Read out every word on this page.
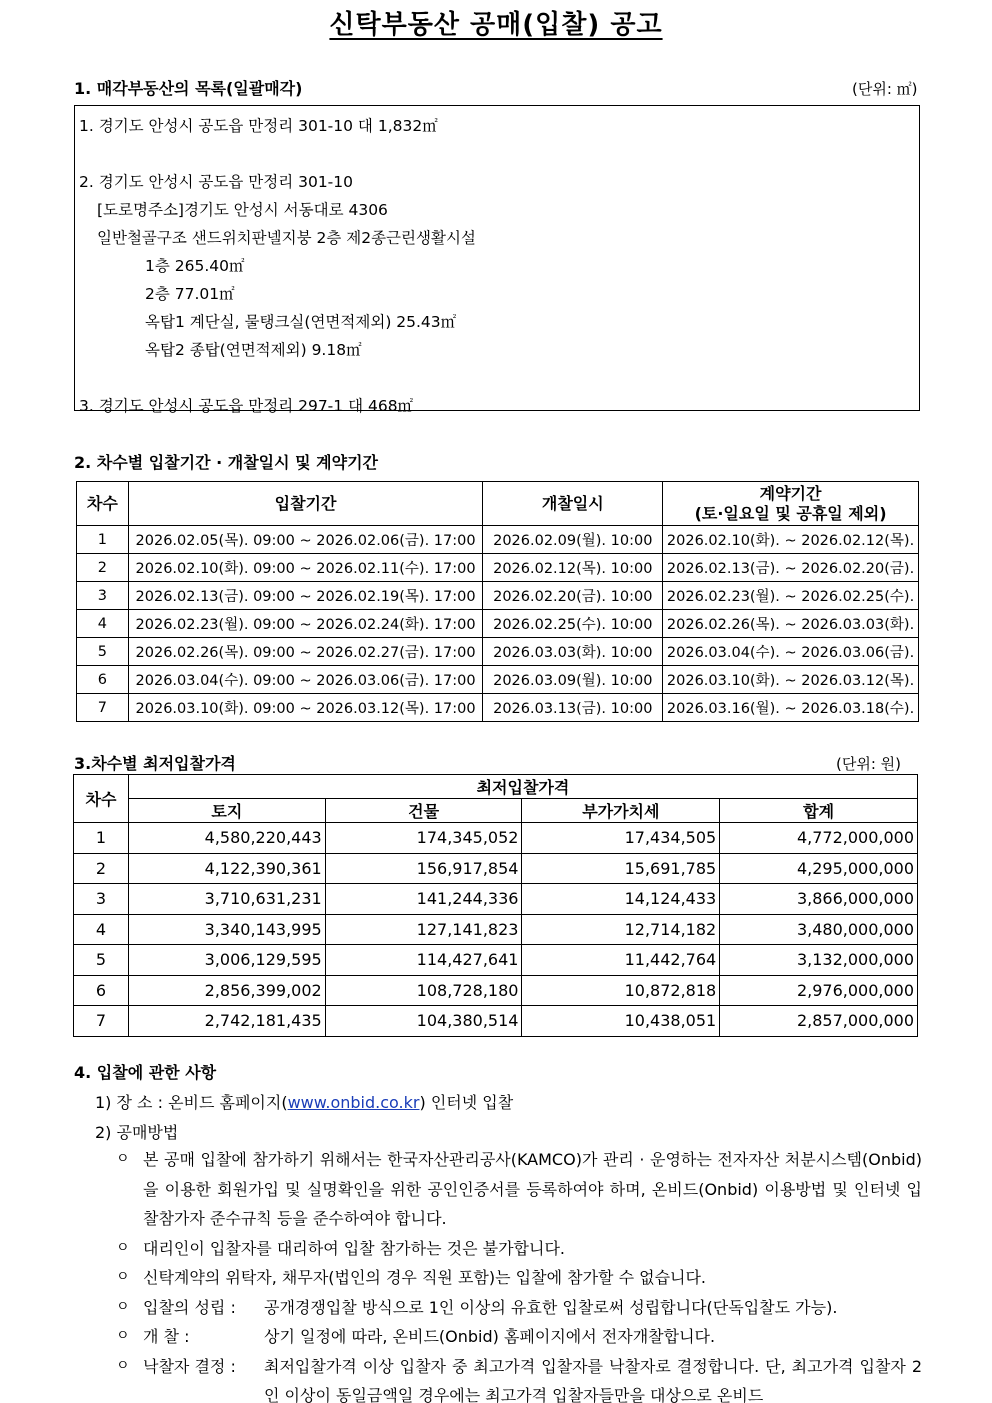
신탁부동산 공매(입찰) 공고
1. 매각부동산의 목록(일괄매각)	(단위: ㎡)
1. 경기도 안성시 공도읍 만정리 301-10 대 1,832㎡
2. 경기도 안성시 공도읍 만정리 301-10
[도로명주소]경기도 안성시 서동대로 4306
일반철골구조 샌드위치판넬지붕 2층 제2종근린생활시설
1층 265.40㎡
2층 77.01㎡
옥탑1 계단실, 물탱크실(연면적제외) 25.43㎡
옥탑2 종탑(연면적제외) 9.18㎡
3. 경기도 안성시 공도읍 만정리 297-1 대 468㎡
2. 차수별 입찰기간 · 개찰일시 및 계약기간
차수	입찰기간	개찰일시	계약기간
(토·일요일 및 공휴일 제외)

1	2026.02.05(목). 09:00 ~ 2026.02.06(금). 17:00	2026.02.09(월). 10:00	2026.02.10(화). ~ 2026.02.12(목).
2	2026.02.10(화). 09:00 ~ 2026.02.11(수). 17:00	2026.02.12(목). 10:00	2026.02.13(금). ~ 2026.02.20(금).
3	2026.02.13(금). 09:00 ~ 2026.02.19(목). 17:00	2026.02.20(금). 10:00	2026.02.23(월). ~ 2026.02.25(수).
4	2026.02.23(월). 09:00 ~ 2026.02.24(화). 17:00	2026.02.25(수). 10:00	2026.02.26(목). ~ 2026.03.03(화).
5	2026.02.26(목). 09:00 ~ 2026.02.27(금). 17:00	2026.03.03(화). 10:00	2026.03.04(수). ~ 2026.03.06(금).
6	2026.03.04(수). 09:00 ~ 2026.03.06(금). 17:00	2026.03.09(월). 10:00	2026.03.10(화). ~ 2026.03.12(목).
7	2026.03.10(화). 09:00 ~ 2026.03.12(목). 17:00	2026.03.13(금). 10:00	2026.03.16(월). ~ 2026.03.18(수).
3.차수별 최저입찰가격	(단위: 원)
차수	최저입찰가격			
	토지	건물	부가가치세	합계
1	4,580,220,443	174,345,052	17,434,505	4,772,000,000
2	4,122,390,361	156,917,854	15,691,785	4,295,000,000
3	3,710,631,231	141,244,336	14,124,433	3,866,000,000
4	3,340,143,995	127,141,823	12,714,182	3,480,000,000
5	3,006,129,595	114,427,641	11,442,764	3,132,000,000
6	2,856,399,002	108,728,180	10,872,818	2,976,000,000
7	2,742,181,435	104,380,514	10,438,051	2,857,000,000
4. 입찰에 관한 사항
1) 장 소 : 온비드 홈페이지(www.onbid.co.kr) 인터넷 입찰
2) 공매방법
ㅇ 본 공매 입찰에 참가하기 위해서는 한국자산관리공사(KAMCO)가 관리 · 운영하는 전자자산 처분시스템(Onbid)을 이용한 회원가입 및 실명확인을 위한 공인인증서를 등록하여야 하며, 온비드(Onbid) 이용방법 및 인터넷 입찰참가자 준수규칙 등을 준수하여야 합니다.
ㅇ 대리인이 입찰자를 대리하여 입찰 참가하는 것은 불가합니다.
ㅇ 신탁계약의 위탁자, 채무자(법인의 경우 직원 포함)는 입찰에 참가할 수 없습니다.
ㅇ 입찰의 성립 :	공개경쟁입찰 방식으로 1인 이상의 유효한 입찰로써 성립합니다(단독입찰도 가능).
ㅇ 개 찰 :	상기 일정에 따라, 온비드(Onbid) 홈페이지에서 전자개찰합니다.
ㅇ 낙찰자 결정 :	최저입찰가격 이상 입찰자 중 최고가격 입찰자를 낙찰자로 결정합니다. 단, 최고가격 입찰자 2인 이상이 동일금액일 경우에는 최고가격 입찰자들만을 대상으로 온비드
